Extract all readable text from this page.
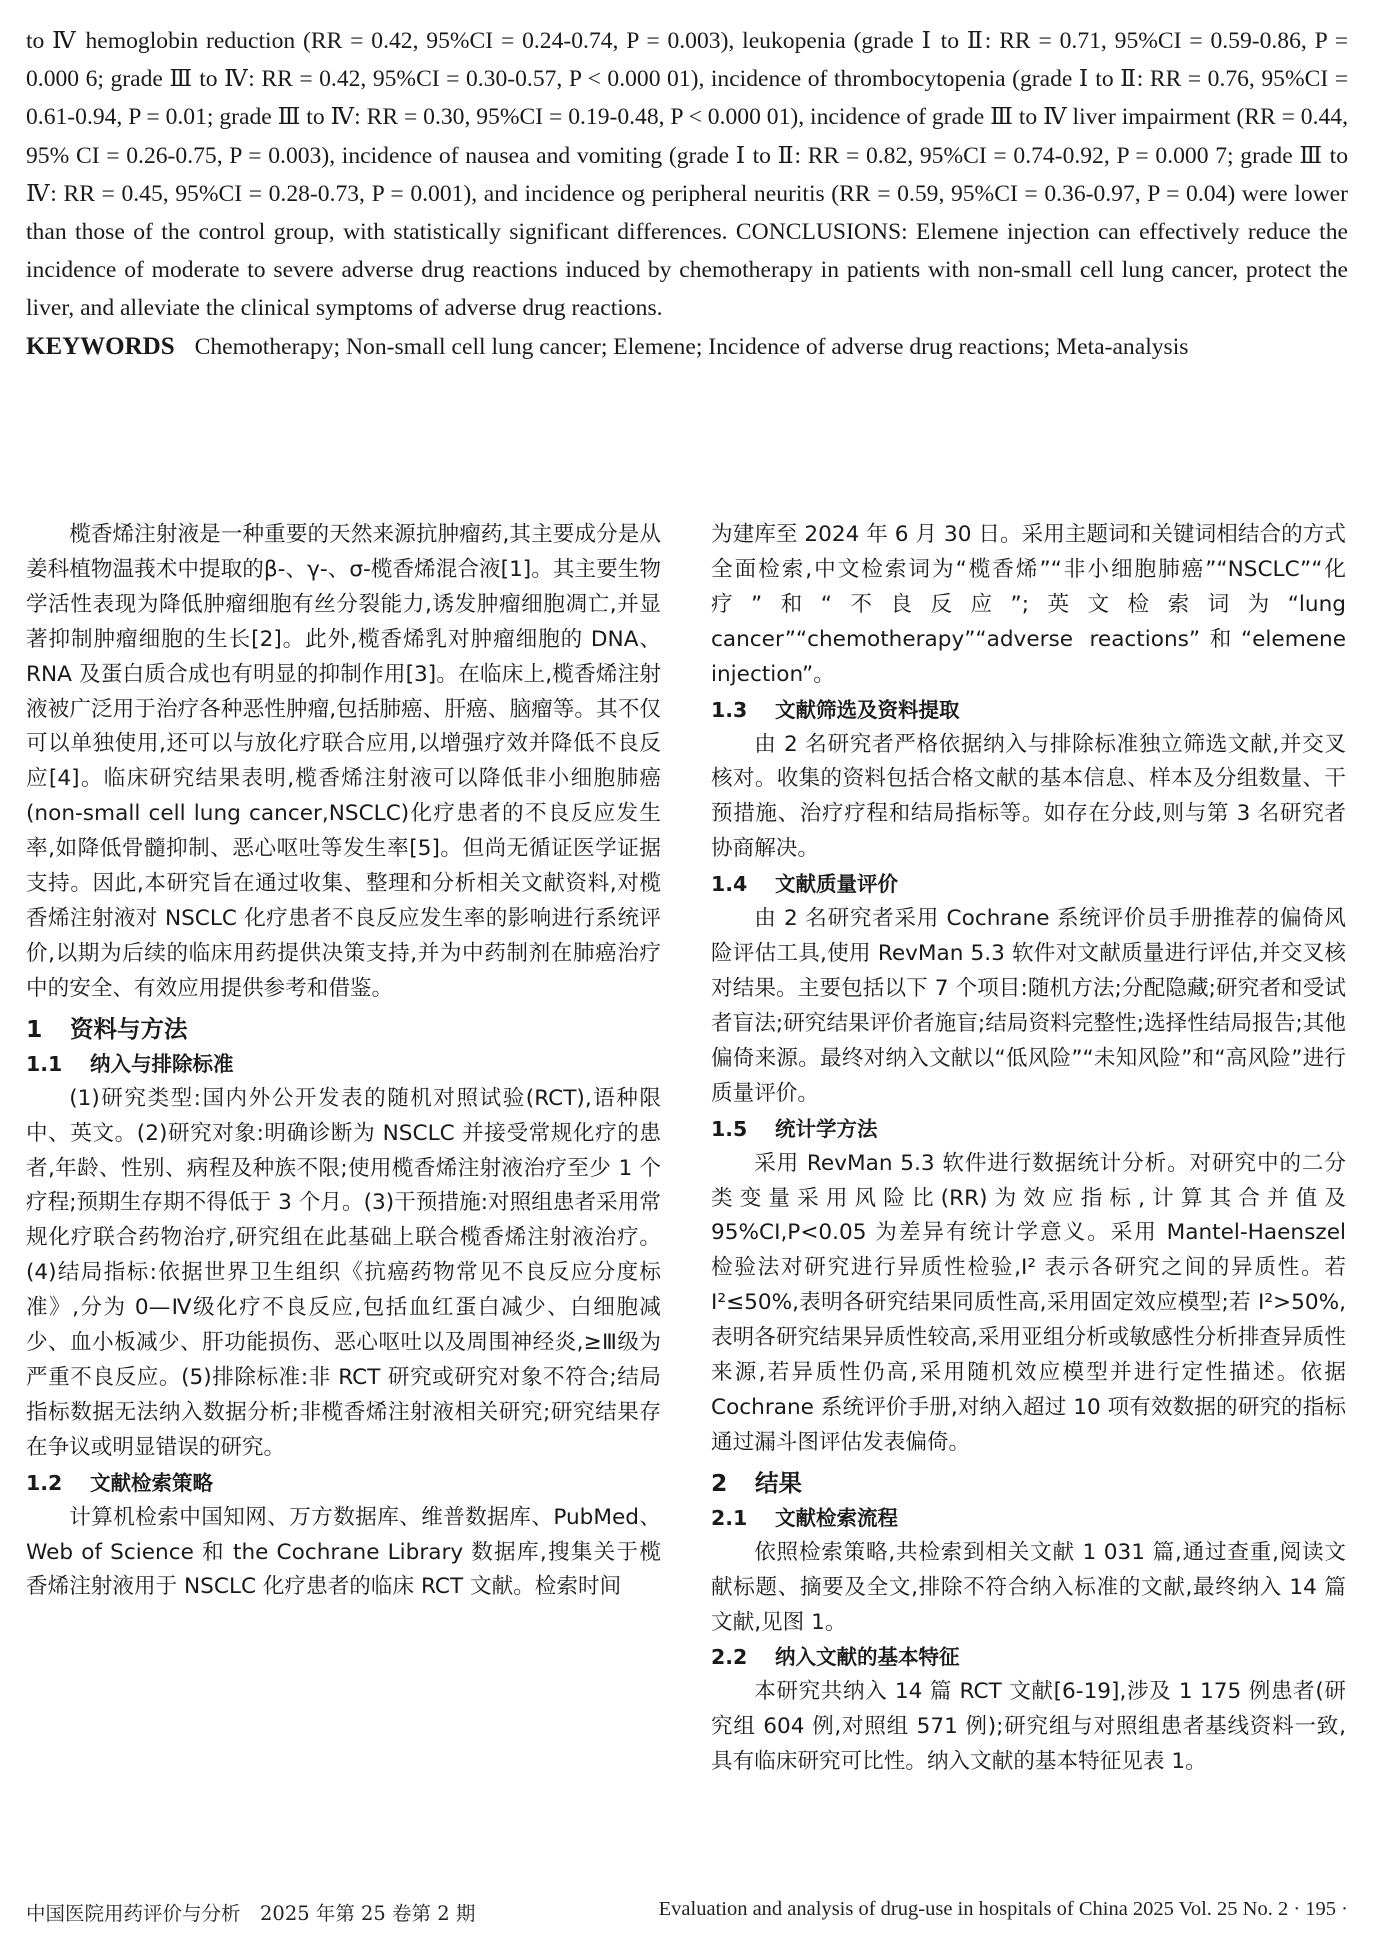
to Ⅳ hemoglobin reduction (RR = 0.42, 95%CI = 0.24-0.74, P = 0.003), leukopenia (grade Ⅰ to Ⅱ: RR = 0.71, 95%CI = 0.59-0.86, P = 0.000 6; grade Ⅲ to Ⅳ: RR = 0.42, 95%CI = 0.30-0.57, P < 0.000 01), incidence of thrombocytopenia (grade Ⅰ to Ⅱ: RR = 0.76, 95%CI = 0.61-0.94, P = 0.01; grade Ⅲ to Ⅳ: RR = 0.30, 95%CI = 0.19-0.48, P < 0.000 01), incidence of grade Ⅲ to Ⅳ liver impairment (RR = 0.44, 95% CI = 0.26-0.75, P = 0.003), incidence of nausea and vomiting (grade Ⅰ to Ⅱ: RR = 0.82, 95%CI = 0.74-0.92, P = 0.000 7; grade Ⅲ to Ⅳ: RR = 0.45, 95%CI = 0.28-0.73, P = 0.001), and incidence og peripheral neuritis (RR = 0.59, 95%CI = 0.36-0.97, P = 0.04) were lower than those of the control group, with statistically significant differences. CONCLUSIONS: Elemene injection can effectively reduce the incidence of moderate to severe adverse drug reactions induced by chemotherapy in patients with non-small cell lung cancer, protect the liver, and alleviate the clinical symptoms of adverse drug reactions.

KEYWORDS Chemotherapy; Non-small cell lung cancer; Elemene; Incidence of adverse drug reactions; Meta-analysis

榄香烯注射液是一种重要的天然来源抗肿瘤药,其主要成分是从姜科植物温莪术中提取的β-、γ-、σ-榄香烯混合液[1]。其主要生物学活性表现为降低肿瘤细胞有丝分裂能力,诱发肿瘤细胞凋亡,并显著抑制肿瘤细胞的生长[2]。此外,榄香烯乳对肿瘤细胞的 DNA、RNA 及蛋白质合成也有明显的抑制作用[3]。在临床上,榄香烯注射液被广泛用于治疗各种恶性肿瘤,包括肺癌、肝癌、脑瘤等。其不仅可以单独使用,还可以与放化疗联合应用,以增强疗效并降低不良反应[4]。临床研究结果表明,榄香烯注射液可以降低非小细胞肺癌(non-small cell lung cancer,NSCLC)化疗患者的不良反应发生率,如降低骨髓抑制、恶心呕吐等发生率[5]。但尚无循证医学证据支持。因此,本研究旨在通过收集、整理和分析相关文献资料,对榄香烯注射液对 NSCLC 化疗患者不良反应发生率的影响进行系统评价,以期为后续的临床用药提供决策支持,并为中药制剂在肺癌治疗中的安全、有效应用提供参考和借鉴。

1 资料与方法
1.1 纳入与排除标准

(1)研究类型:国内外公开发表的随机对照试验(RCT),语种限中、英文。(2)研究对象:明确诊断为 NSCLC 并接受常规化疗的患者,年龄、性别、病程及种族不限;使用榄香烯注射液治疗至少 1 个疗程;预期生存期不得低于 3 个月。(3)干预措施:对照组患者采用常规化疗联合药物治疗,研究组在此基础上联合榄香烯注射液治疗。(4)结局指标:依据世界卫生组织《抗癌药物常见不良反应分度标准》,分为 0—Ⅳ级化疗不良反应,包括血红蛋白减少、白细胞减少、血小板减少、肝功能损伤、恶心呕吐以及周围神经炎,≥Ⅲ级为严重不良反应。(5)排除标准:非 RCT 研究或研究对象不符合;结局指标数据无法纳入数据分析;非榄香烯注射液相关研究;研究结果存在争议或明显错误的研究。

1.2 文献检索策略

计算机检索中国知网、万方数据库、维普数据库、PubMed、Web of Science 和 the Cochrane Library 数据库,搜集关于榄香烯注射液用于 NSCLC 化疗患者的临床 RCT 文献。检索时间

为建库至 2024 年 6 月 30 日。采用主题词和关键词相结合的方式全面检索,中文检索词为“榄香烯”“非小细胞肺癌”“NSCLC”“化疗”和“不良反应”;英文检索词为“lung cancer”“chemotherapy”“adverse reactions”和“elemene injection”。

1.3 文献筛选及资料提取

由 2 名研究者严格依据纳入与排除标准独立筛选文献,并交叉核对。收集的资料包括合格文献的基本信息、样本及分组数量、干预措施、治疗疗程和结局指标等。如存在分歧,则与第 3 名研究者协商解决。

1.4 文献质量评价

由 2 名研究者采用 Cochrane 系统评价员手册推荐的偏倚风险评估工具,使用 RevMan 5.3 软件对文献质量进行评估,并交叉核对结果。主要包括以下 7 个项目:随机方法;分配隐藏;研究者和受试者盲法;研究结果评价者施盲;结局资料完整性;选择性结局报告;其他偏倚来源。最终对纳入文献以“低风险”“未知风险”和“高风险”进行质量评价。

1.5 统计学方法

采用 RevMan 5.3 软件进行数据统计分析。对研究中的二分类变量采用风险比(RR)为效应指标,计算其合并值及 95%CI,P<0.05 为差异有统计学意义。采用 Mantel-Haenszel 检验法对研究进行异质性检验,I² 表示各研究之间的异质性。若 I²≤50%,表明各研究结果同质性高,采用固定效应模型;若 I²>50%,表明各研究结果异质性较高,采用亚组分析或敏感性分析排查异质性来源,若异质性仍高,采用随机效应模型并进行定性描述。依据 Cochrane 系统评价手册,对纳入超过 10 项有效数据的研究的指标通过漏斗图评估发表偏倚。

2 结果
2.1 文献检索流程

依照检索策略,共检索到相关文献 1 031 篇,通过查重,阅读文献标题、摘要及全文,排除不符合纳入标准的文献,最终纳入 14 篇文献,见图 1。

2.2 纳入文献的基本特征

本研究共纳入 14 篇 RCT 文献[6-19],涉及 1 175 例患者(研究组 604 例,对照组 571 例);研究组与对照组患者基线资料一致,具有临床研究可比性。纳入文献的基本特征见表 1。

中国医院用药评价与分析　2025 年第 25 卷第 2 期	Evaluation and analysis of drug-use in hospitals of China 2025 Vol. 25 No. 2 · 195 ·
